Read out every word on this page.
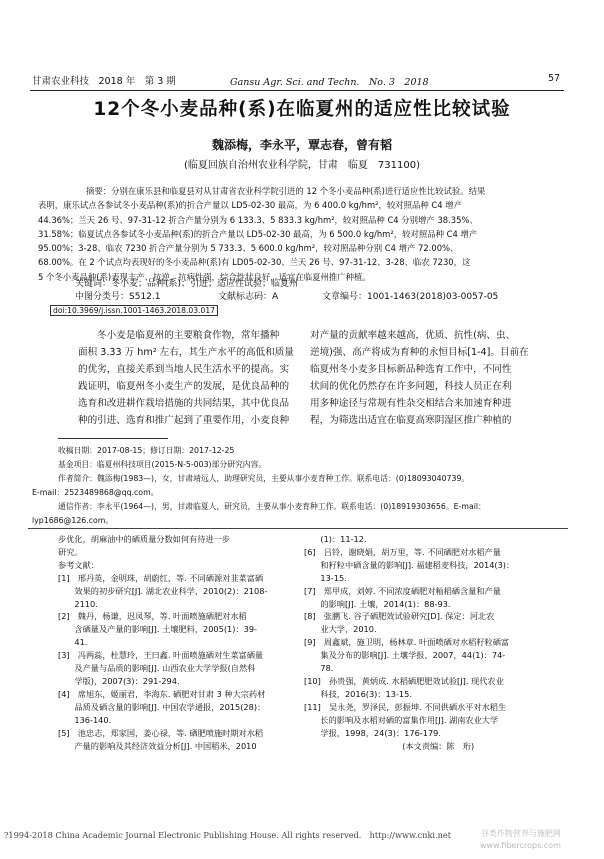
甘肃农业科技　2018 年　第 3 期	Gansu Agr. Sci. and Techn.　No. 3　2018	57
12个冬小麦品种(系)在临夏州的适应性比较试验
魏添梅，李永平，覃志春，曾有韬
(临夏回族自治州农业科学院，甘肃　临夏　731100)
摘要：分别在康乐县和临夏县对从甘肃省农业科学院引进的 12 个冬小麦品种(系)进行适应性比较试验。结果
表明，康乐试点各参试冬小麦品种(系)的折合产量以 LD5-02-30 最高，为 6 400.0 kg/hm²，较对照品种 C4 增产
44.36%；兰天 26 号、97-31-12 折合产量分别为 6 133.3、5 833.3 kg/hm²，较对照品种 C4 分别增产 38.35%、
31.58%；临夏试点各参试冬小麦品种(系)的折合产量以 LD5-02-30 最高，为 6 500.0 kg/hm²，较对照品种 C4 增产
95.00%；3-28、临农 7230 折合产量分别为 5 733.3、5 600.0 kg/hm²，较对照品种分别 C4 增产 72.00%、
68.00%。在 2 个试点均表现好的冬小麦品种(系)有 LD05-02-30、兰天 26 号、97-31-12、3-28、临农 7230，这
5 个冬小麦品种(系)表现丰产、抗逆、抗病性强，综合性状良好，适宜在临夏州推广种植。
关键词：冬小麦；品种(系)；引进；适应性试验；临夏州
中图分类号：S512.1	文献标志码：A	文章编号：1001-1463(2018)03-0057-05
doi:10.3969/j.issn.1001-1463.2018.03.017
冬小麦是临夏州的主要粮食作物，常年播种
面积 3.33 万 hm² 左右，其生产水平的高低和质量
的优劣，直接关系到当地人民生活水平的提高。实
践证明，临夏州冬小麦生产的发展，是优良品种的
选育和改进耕作栽培措施的共同结果，其中优良品
种的引进、选育和推广起到了重要作用，小麦良种
对产量的贡献率越来越高，优质、抗性(病、虫、
逆境)强、高产将成为育种的永恒目标[1-4]。目前在
临夏州冬小麦多目标新品种选育工作中，不同性
状间的优化仍然存在许多问题，科技人员正在利
用多种途径与常规有性杂交相结合来加速育种进
程，为筛选出适宜在临夏高寒阴湿区推广种植的
收稿日期：2017-08-15；修订日期：2017-12-25
基金项目：临夏州科技项目(2015-N-5-003)部分研究内容。
作者简介：魏添梅(1983—)，女，甘肃靖远人，助理研究员，主要从事小麦育种工作。联系电话：(0)18093040739。
E-mail：2523489868@qq.com。
通信作者：李永平(1964—)，男，甘肃临夏人，研究员，主要从事小麦育种工作。联系电话：(0)18919303656。E-mail：
lyp1686@126.com。
步优化，胡麻油中的硒质量分数如何有待进一步
研究。
参考文献：
[1]　邢丹英，金明珠，胡蔚红，等. 不同硒源对韭菜富硒
　　效果的初步研究[J]. 湖北农业科学，2010(2)：2108-
　　2110.
[2]　魏丹，杨谦，迟凤琴，等. 叶面喷施硒肥对水稻
　　含硒量及产量的影响[J]. 土壤肥料，2005(1)：39-
　　41.
[3]　冯两蕊，杜慧玲，王曰鑫. 叶面喷施硒对生菜富硒量
　　及产量与品质的影响[J]. 山西农业大学学报(自然科
　　学版)，2007(3)：291-294.
[4]　席旭东，姬丽君，李海东. 硒肥对甘肃 3 种大宗药材
　　品质及硒含量的影响[J]. 中国农学通报，2015(28)：
　　136-140.
[5]　池忠志，郑家国，姜心禄，等. 硒肥喷施时期对水稻
　　产量的影响及其经济效益分析[J]. 中国稻米，2010
　　(1)：11-12.
[6]　吕铃，谢晓娟，胡万里，等. 不同硒肥对水稻产量
　　和籽粒中硒含量的影响[J]. 福建稻麦科技，2014(3)：
　　13-15.
[7]　郑甲成，刘婷. 不同浓度硒肥对籼稻硒含量和产量
　　的影响[J]. 土壤，2014(1)：88-93.
[8]　张鹏飞. 谷子硒肥效试验研究[D]. 保定：河北农
　　业大学，2010.
[9]　周鑫斌，施卫明，杨林章. 叶面喷硒对水稻籽粒硒富
　　集及分布的影响[J]. 土壤学报，2007，44(1)：74-
　　78.
[10]　孙贵强，黄炳成. 水稻硒肥肥效试验[J]. 现代农业
　　科技，2016(3)：13-15.
[11]　吴永尧，罗泽民，彭振坤. 不同供硒水平对水稻生
　　长的影响及水稻对硒的富集作用[J]. 湖南农业大学
　　学报，1998，24(3)：176-179.
　　　　　　　　　　　　(本文责编：陈　珩)
?1994-2018 China Academic Journal Electronic Publishing House. All rights reserved.　http://www.cnki.net	谷类作物营养与施肥网
www.fibercrops.com
